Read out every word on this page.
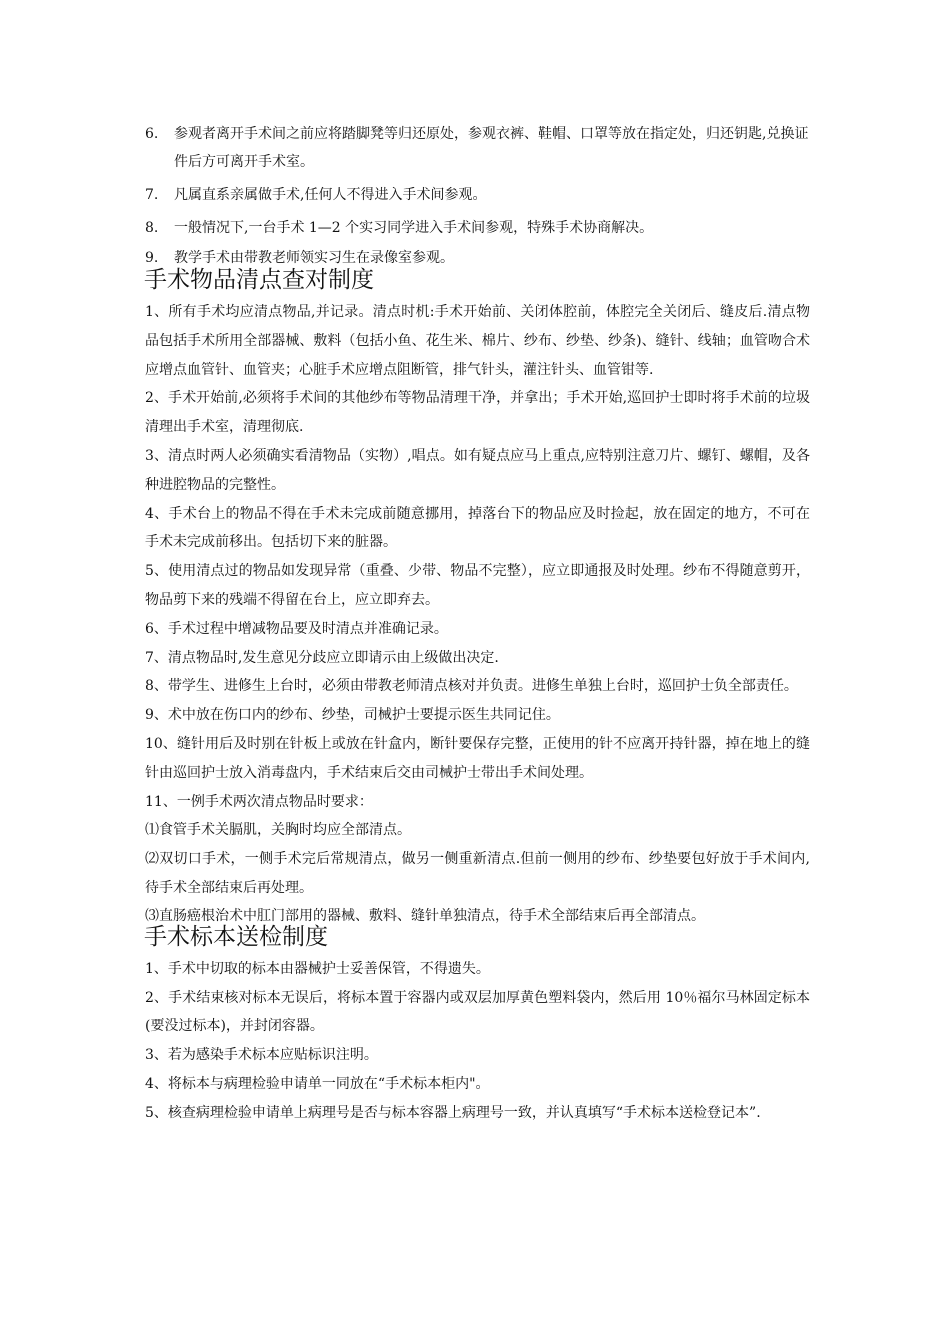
6. 参观者离开手术间之前应将踏脚凳等归还原处，参观衣裤、鞋帽、口罩等放在指定处，归还钥匙,兑换证件后方可离开手术室。
7. 凡属直系亲属做手术,任何人不得进入手术间参观。
8. 一般情况下,一台手术 1—2 个实习同学进入手术间参观，特殊手术协商解决。
9. 教学手术由带教老师领实习生在录像室参观。
手术物品清点查对制度

1、所有手术均应清点物品,并记录。清点时机:手术开始前、关闭体腔前，体腔完全关闭后、缝皮后.清点物品包括手术所用全部器械、敷料（包括小鱼、花生米、棉片、纱布、纱垫、纱条)、缝针、线轴；血管吻合术应增点血管针、血管夹；心脏手术应增点阻断管，排气针头，灌注针头、血管钳等.

2、手术开始前,必须将手术间的其他纱布等物品清理干净，并拿出；手术开始,巡回护士即时将手术前的垃圾清理出手术室，清理彻底.

3、清点时两人必须确实看清物品（实物）,唱点。如有疑点应马上重点,应特别注意刀片、螺钉、螺帽，及各种进腔物品的完整性。

4、手术台上的物品不得在手术未完成前随意挪用，掉落台下的物品应及时捡起，放在固定的地方，不可在手术未完成前移出。包括切下来的脏器。

5、使用清点过的物品如发现异常（重叠、少带、物品不完整），应立即通报及时处理。纱布不得随意剪开，物品剪下来的残端不得留在台上，应立即弃去。

6、手术过程中增减物品要及时清点并准确记录。

7、清点物品时,发生意见分歧应立即请示由上级做出决定.

8、带学生、进修生上台时，必须由带教老师清点核对并负责。进修生单独上台时，巡回护士负全部责任。

9、术中放在伤口内的纱布、纱垫，司械护士要提示医生共同记住。

10、缝针用后及时别在针板上或放在针盒内，断针要保存完整，正使用的针不应离开持针器，掉在地上的缝针由巡回护士放入消毒盘内，手术结束后交由司械护士带出手术间处理。

11、一例手术两次清点物品时要求：

⑴食管手术关膈肌，关胸时均应全部清点。

⑵双切口手术，一侧手术完后常规清点，做另一侧重新清点.但前一侧用的纱布、纱垫要包好放于手术间内,待手术全部结束后再处理。

⑶直肠癌根治术中肛门部用的器械、敷料、缝针单独清点，待手术全部结束后再全部清点。

手术标本送检制度

1、手术中切取的标本由器械护士妥善保管，不得遗失。

2、手术结束核对标本无误后，将标本置于容器内或双层加厚黄色塑料袋内，然后用 10％福尔马林固定标本(要没过标本)，并封闭容器。

3、若为感染手术标本应贴标识注明。

4、将标本与病理检验申请单一同放在“手术标本柜内"。

5、核查病理检验申请单上病理号是否与标本容器上病理号一致，并认真填写“手术标本送检登记本”.
